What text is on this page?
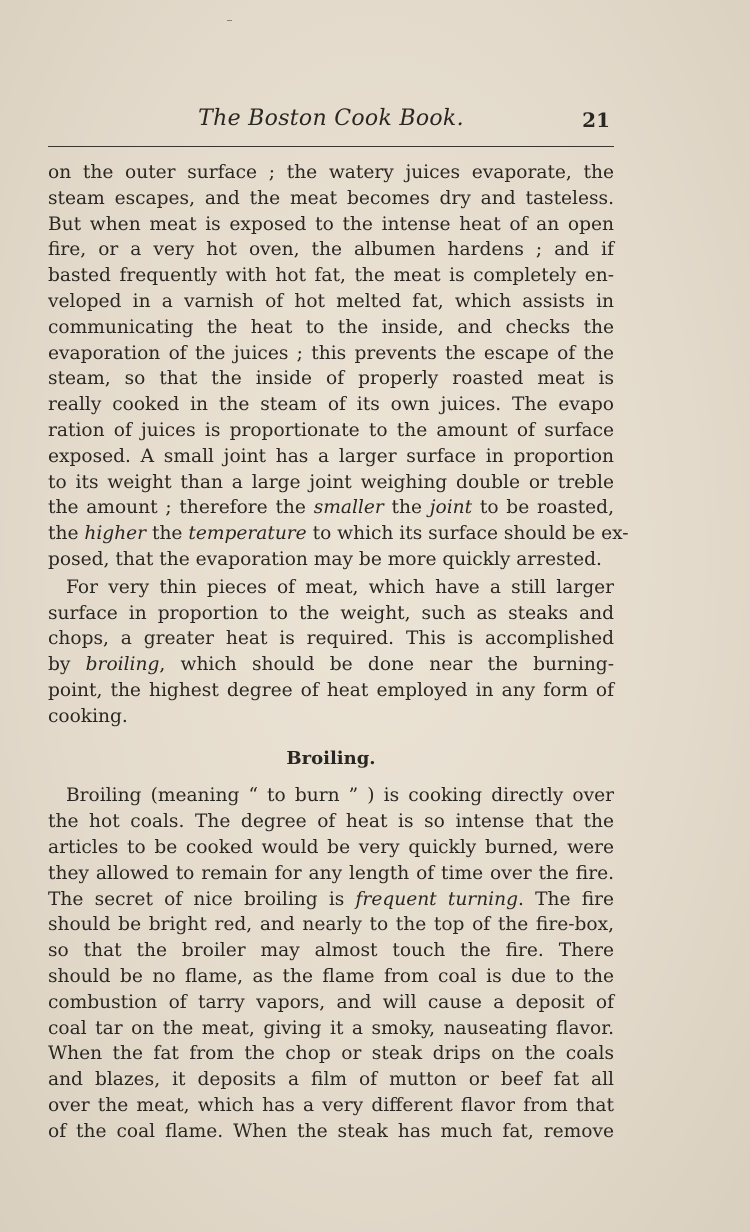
The Boston Cook Book.	21
on the outer surface ; the watery juices evaporate, the
steam escapes, and the meat becomes dry and tasteless.
But when meat is exposed to the intense heat of an open
fire, or a very hot oven, the albumen hardens ; and if
basted frequently with hot fat, the meat is completely en-
veloped in a varnish of hot melted fat, which assists in
communicating the heat to the inside, and checks the
evaporation of the juices ; this prevents the escape of the
steam, so that the inside of properly roasted meat is
really cooked in the steam of its own juices. The evapo
ration of juices is proportionate to the amount of surface
exposed. A small joint has a larger surface in proportion
to its weight than a large joint weighing double or treble
the amount ; therefore the smaller the joint to be roasted,
the higher the temperature to which its surface should be ex-
posed, that the evaporation may be more quickly arrested.
For very thin pieces of meat, which have a still larger
surface in proportion to the weight, such as steaks and
chops, a greater heat is required. This is accomplished
by broiling, which should be done near the burning-
point, the highest degree of heat employed in any form of
cooking.
Broiling.
Broiling (meaning “ to burn ” ) is cooking directly over
the hot coals. The degree of heat is so intense that the
articles to be cooked would be very quickly burned, were
they allowed to remain for any length of time over the fire.
The secret of nice broiling is frequent turning. The fire
should be bright red, and nearly to the top of the fire-box,
so that the broiler may almost touch the fire. There
should be no flame, as the flame from coal is due to the
combustion of tarry vapors, and will cause a deposit of
coal tar on the meat, giving it a smoky, nauseating flavor.
When the fat from the chop or steak drips on the coals
and blazes, it deposits a film of mutton or beef fat all
over the meat, which has a very different flavor from that
of the coal flame. When the steak has much fat, remove
